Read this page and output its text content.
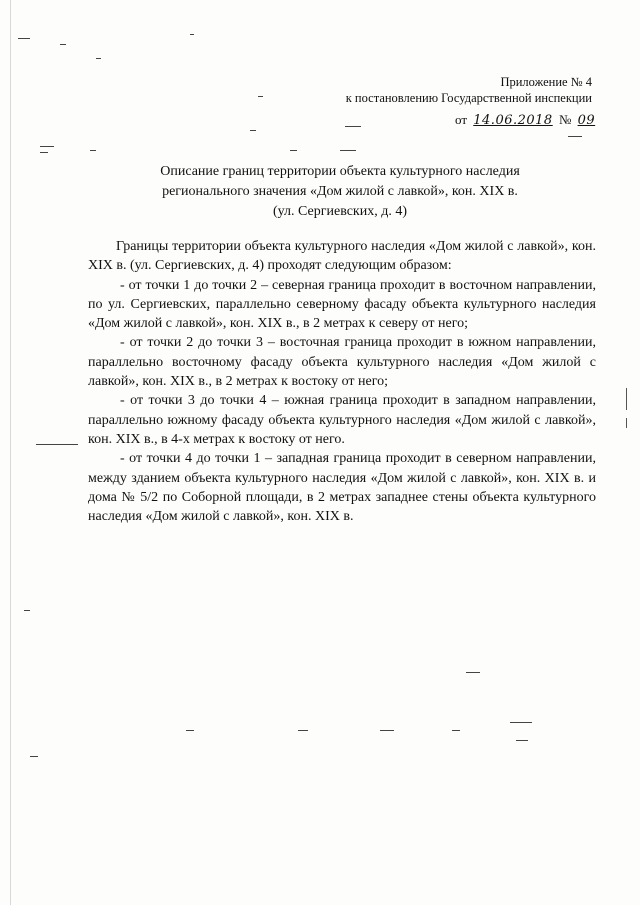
Приложение № 4
к постановлению Государственной инспекции
от 14.06.2018 № 09
Описание границ территории объекта культурного наследия
регионального значения «Дом жилой с лавкой», кон. XIX в.
(ул. Сергиевских, д. 4)

Границы территории объекта культурного наследия «Дом жилой с лавкой», кон. XIX в. (ул. Сергиевских, д. 4) проходят следующим образом:

- от точки 1 до точки 2 – северная граница проходит в восточном направлении, по ул. Сергиевских, параллельно северному фасаду объекта культурного наследия «Дом жилой с лавкой», кон. XIX в., в 2 метрах к северу от него;

- от точки 2 до точки 3 – восточная граница проходит в южном направлении, параллельно восточному фасаду объекта культурного наследия «Дом жилой с лавкой», кон. XIX в., в 2 метрах к востоку от него;

- от точки 3 до точки 4 – южная граница проходит в западном направлении, параллельно южному фасаду объекта культурного наследия «Дом жилой с лавкой», кон. XIX в., в 4-х метрах к востоку от него.

- от точки 4 до точки 1 – западная граница проходит в северном направлении, между зданием объекта культурного наследия «Дом жилой с лавкой», кон. XIX в. и дома № 5/2 по Соборной площади, в 2 метрах западнее стены объекта культурного наследия «Дом жилой с лавкой», кон. XIX в.
